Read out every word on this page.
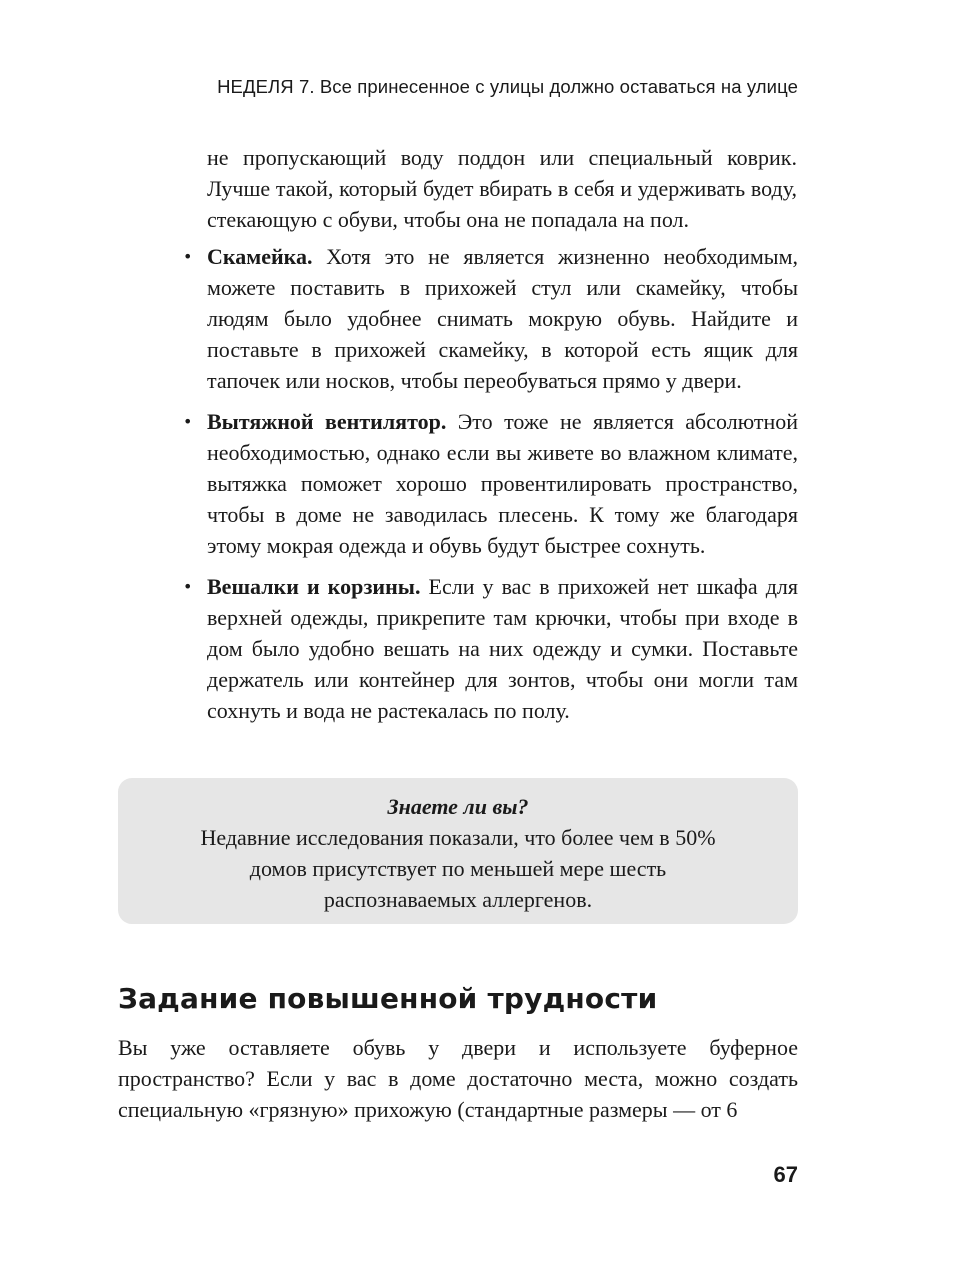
НЕДЕЛЯ 7. Все принесенное с улицы должно оставаться на улице

не пропускающий воду поддон или специальный коврик. Лучше такой, который будет вбирать в себя и удерживать воду, стекающую с обуви, чтобы она не попадала на пол.

• Скамейка. Хотя это не является жизненно необходимым, можете поставить в прихожей стул или скамейку, чтобы людям было удобнее снимать мокрую обувь. Найдите и поставьте в прихожей скамейку, в которой есть ящик для тапочек или носков, чтобы переобуваться прямо у двери.
• Вытяжной вентилятор. Это тоже не является абсолютной необходимостью, однако если вы живете во влажном климате, вытяжка поможет хорошо провентилировать пространство, чтобы в доме не заводилась плесень. К тому же благодаря этому мокрая одежда и обувь будут быстрее сохнуть.
• Вешалки и корзины. Если у вас в прихожей нет шкафа для верхней одежды, прикрепите там крючки, чтобы при входе в дом было удобно вешать на них одежду и сумки. Поставьте держатель или контейнер для зонтов, чтобы они могли там сохнуть и вода не растекалась по полу.

Знаете ли вы?

Недавние исследования показали, что более чем в 50% домов присутствует по меньшей мере шесть распознаваемых аллергенов.

Задание повышенной трудности

Вы уже оставляете обувь у двери и используете буферное пространство? Если у вас в доме достаточно места, можно создать специальную «грязную» прихожую (стандартные размеры — от 6

67
